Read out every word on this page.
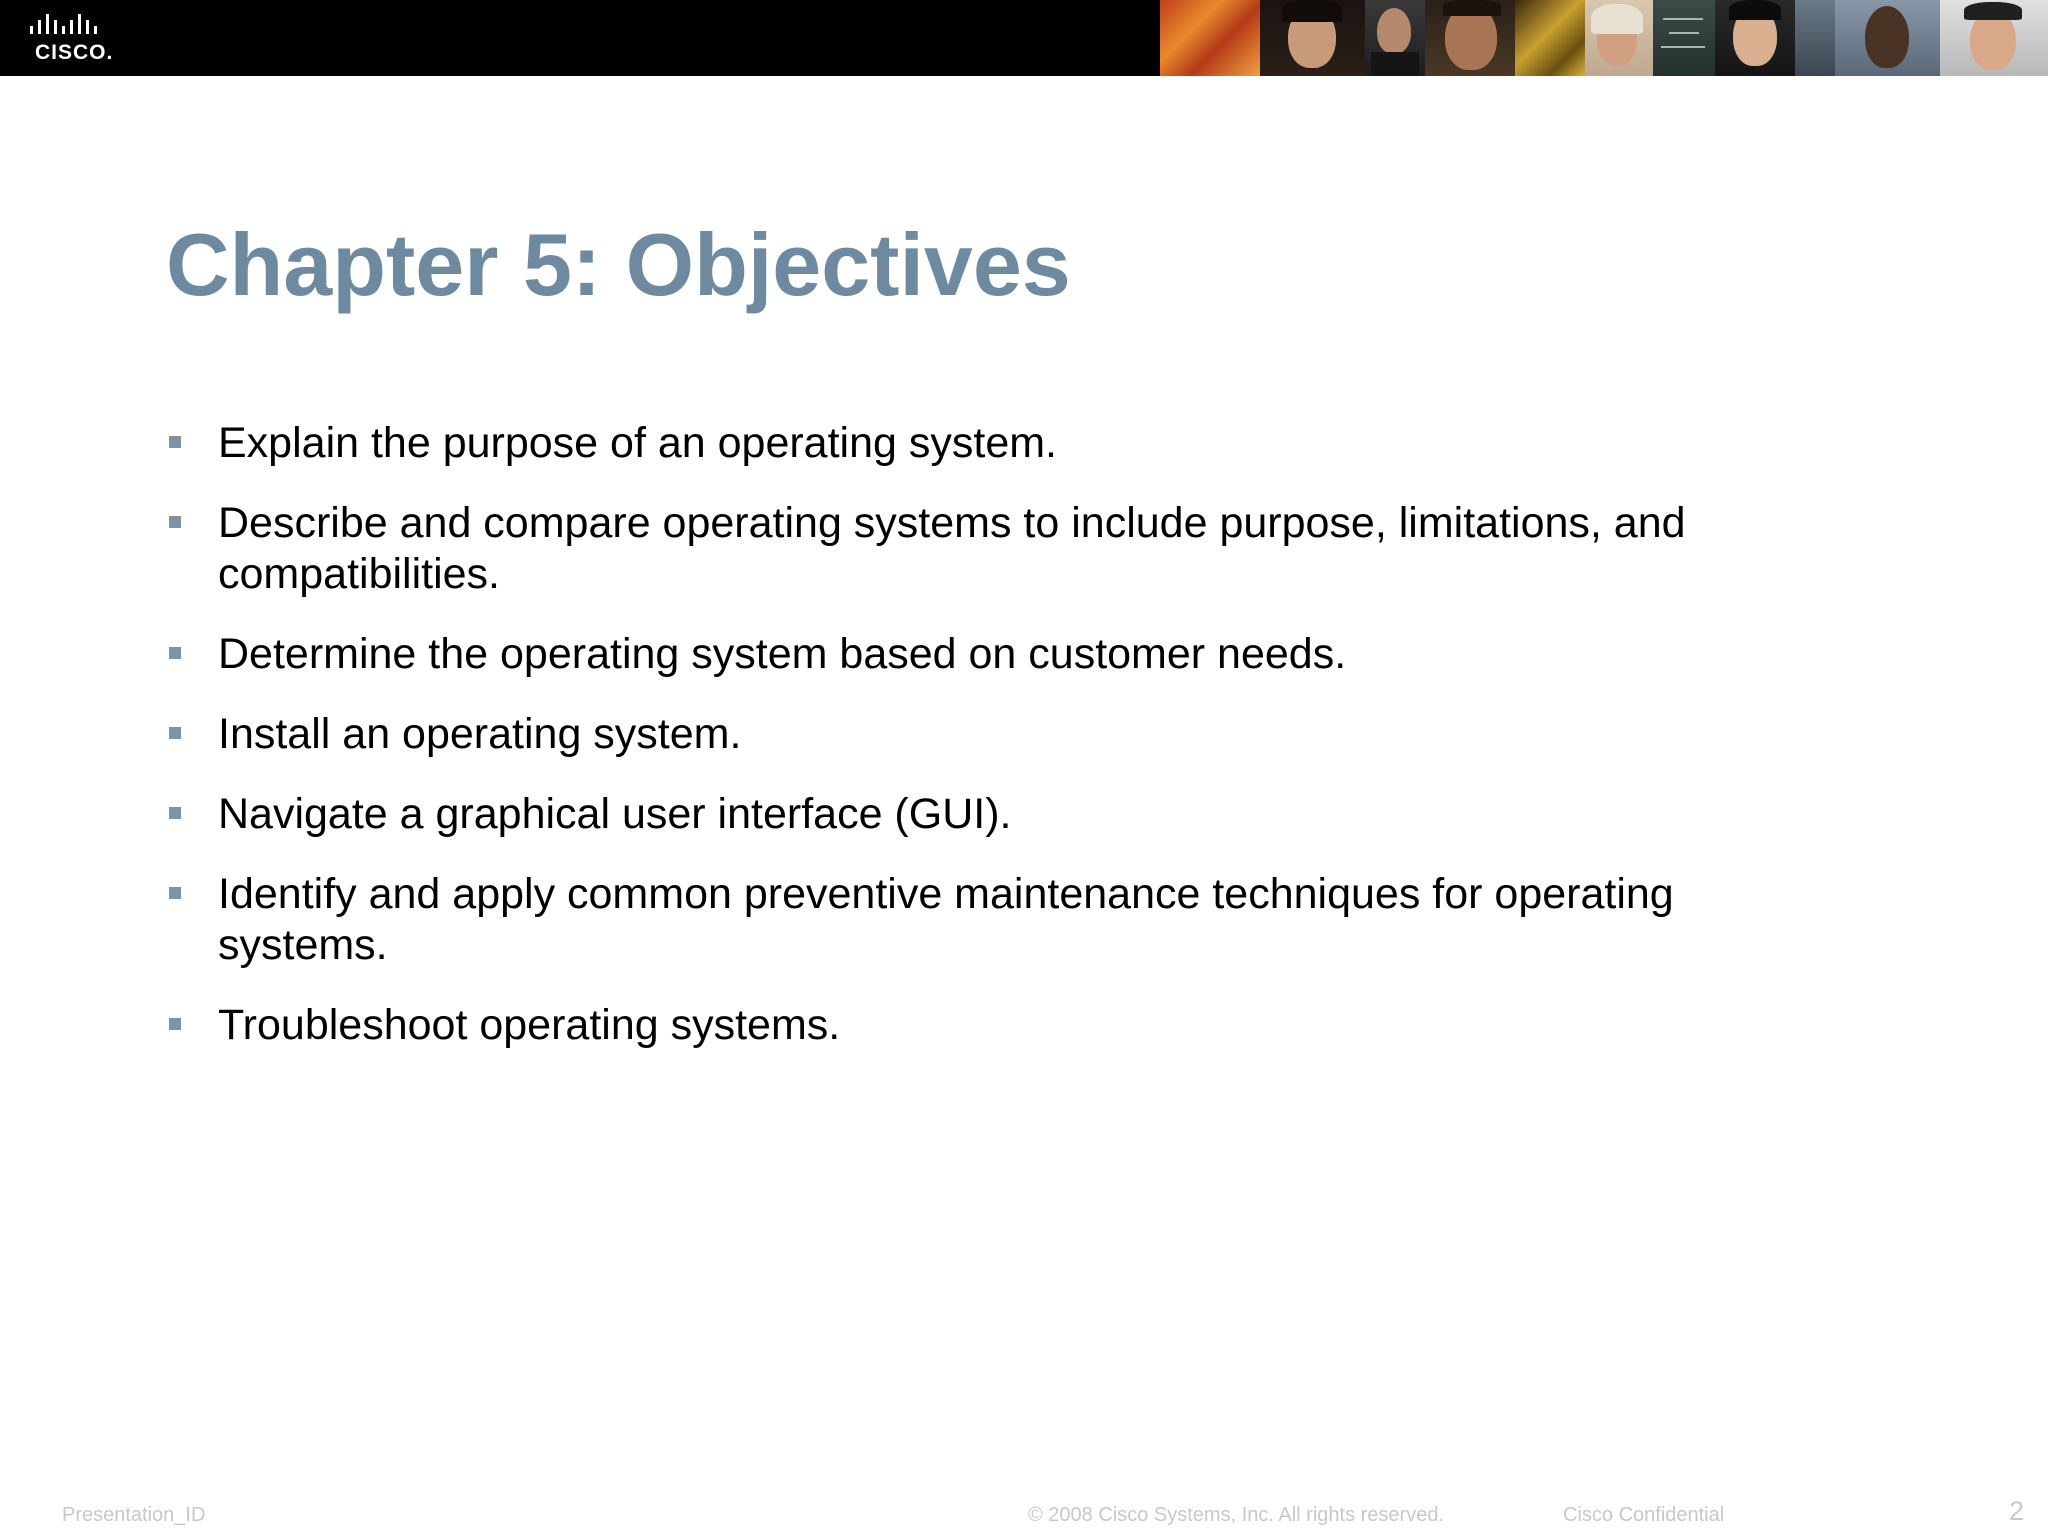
CISCO.
Chapter 5: Objectives
Explain the purpose of an operating system.
Describe and compare operating systems to include purpose, limitations, and compatibilities.
Determine the operating system based on customer needs.
Install an operating system.
Navigate a graphical user interface (GUI).
Identify and apply common preventive maintenance techniques for operating systems.
Troubleshoot operating systems.
Presentation_ID	© 2008 Cisco Systems, Inc. All rights reserved.	Cisco Confidential	2
